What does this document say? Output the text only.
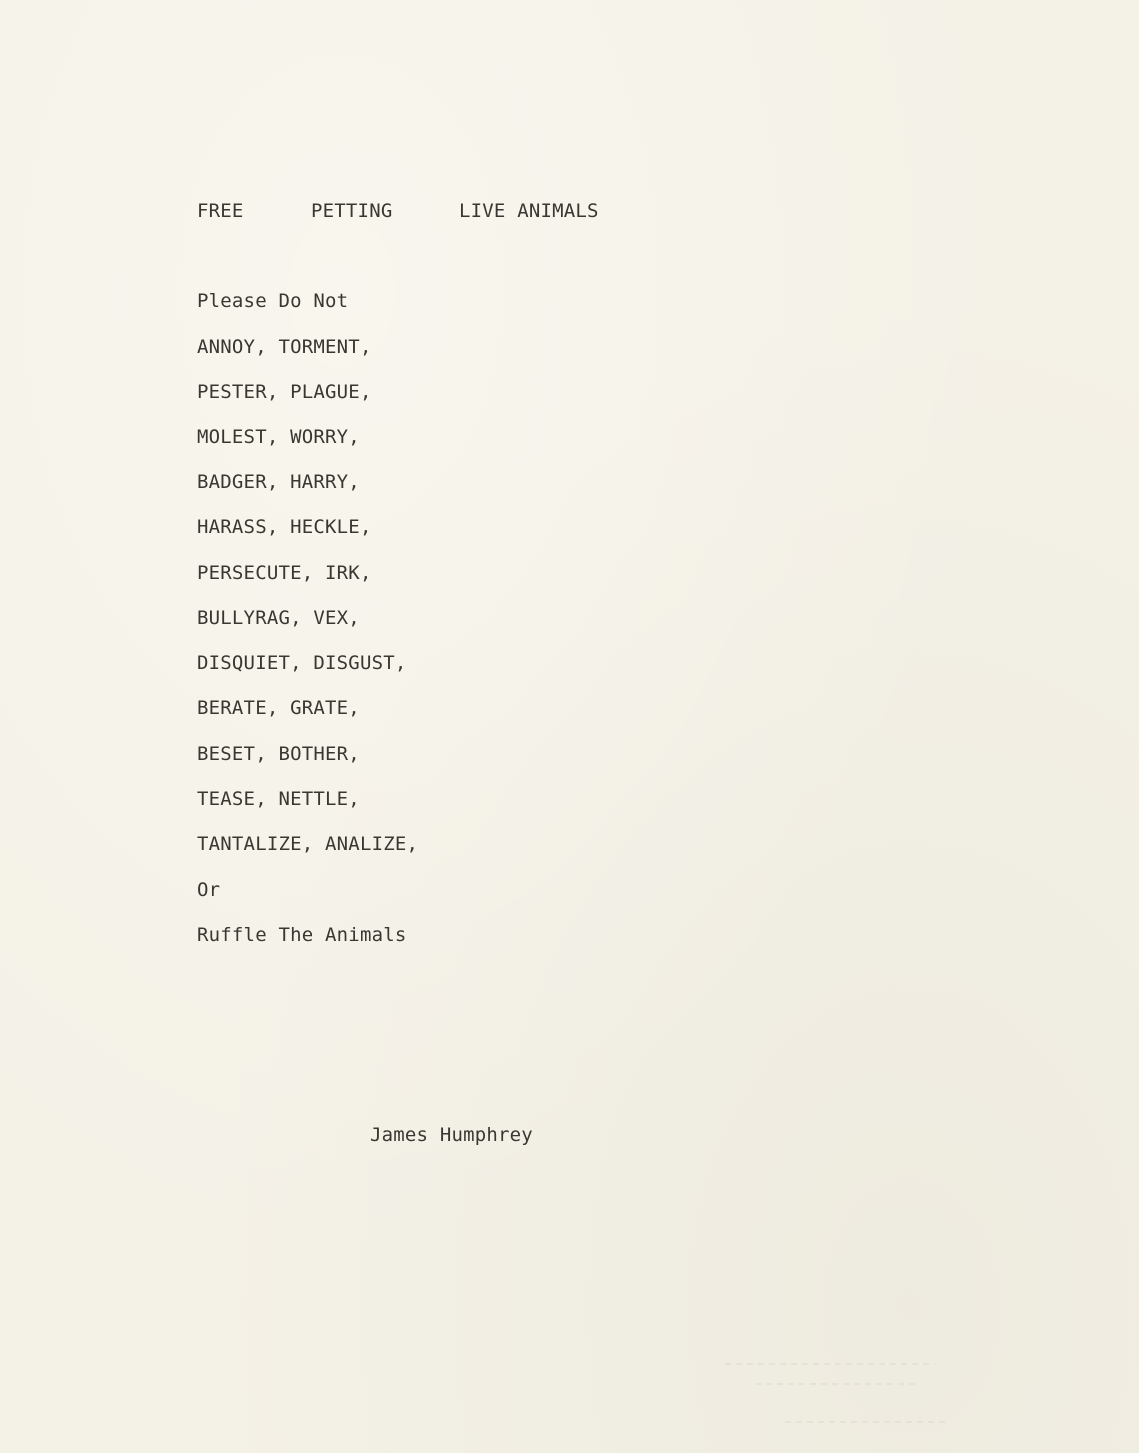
FREE

	PETTING

	LIVE ANIMALS

Please Do Not

ANNOY, TORMENT,

PESTER, PLAGUE,

MOLEST, WORRY,

BADGER, HARRY,

HARASS, HECKLE,

PERSECUTE, IRK,

BULLYRAG, VEX,

DISQUIET, DISGUST,

BERATE, GRATE,

BESET, BOTHER,

TEASE, NETTLE,

TANTALIZE, ANALIZE,

Or

Ruffle The Animals

James Humphrey
